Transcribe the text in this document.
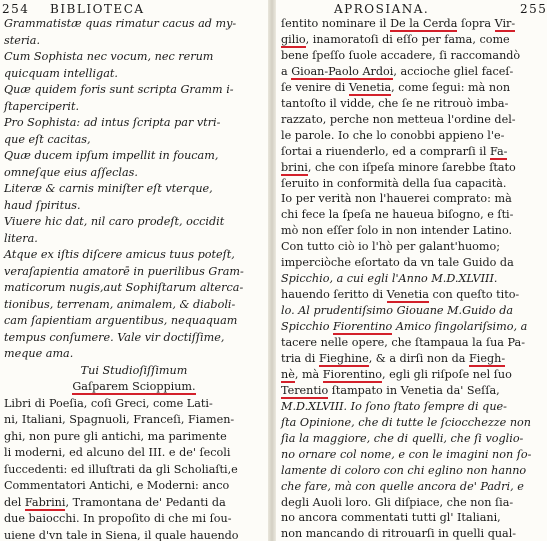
254 BIBLIOTECA
Grammatistæ quas rimatur cacus ad my-
steria.
Cum Sophista nec vocum, nec rerum
quicquam intelligat.
Quæ quidem foris sunt scripta Gramm i-
ſtaperciperit.
Pro Sophista: ad intus ſcripta par vtri-
que eſt cacitas,
Quæ ducem ipſum impellit in foucam,
omneſque eius aſſeclas.
Literæ & carnis miniſter eſt vterque,
haud ſpiritus.
Viuere hic dat, nil caro prodeſt, occidit
litera.
Atque ex iſtis diſcere amicus tuus poteſt,
veraſapientia amatorē in puerilibus Gram-
maticorum nugis,aut Sophiſtarum alterca-
tionibus, terrenam, animalem, & diaboli-
cam ſapientiam arguentibus, nequaquam
tempus conſumere. Vale vir doctiſſime,
meque ama.
Tui Studioſiſſimum
Gaſparem Scioppium.
Libri di Poeſia, coſi Greci, come Lati-
ni, Italiani, Spagnuoli, Franceſi, Fiamen-
ghi, non pure gli antichi, ma parimente
li moderni, ed alcuno del III. e de' ſecoli
ſuccedenti: ed illuſtrati da gli Scholiaſti,e
Commentatori Antichi, e Moderni: anco
del Fabrini, Tramontana de' Pedanti da
due baiocchi. In propoſito di che mi ſou-
uiene d'vn tale in Siena, il quale hauendo
APROSIANA.	255
ſentito nominare il De la Cerda ſopra Vir-
gilio, inamoratoſi di eſſo per fama, come
bene ſpeſſo ſuole accadere, ſi raccomandò
a Gioan-Paolo Ardoi, accioche gliel faceſ-
ſe venire di Venetia, come ſegui: mà non
tantoſto il vidde, che ſe ne ritrouò imba-
razzato, perche non metteua l'ordine del-
le parole. Io che lo conobbi appieno l'e-
ſortai a riuenderlo, ed a comprarſi il Fa-
brini, che con iſpeſa minore ſarebbe ſtato
ſeruito in conformità della ſua capacità.
Io per verità non l'hauerei comprato: mà
chi fece la ſpeſa ne haueua biſogno, e ſti-
mò non eſſer ſolo in non intender Latino.
Con tutto ciò io l'hò per galant'huomo;
imperciòche eſortato da vn tale Guido da
Spicchio, a cui egli l'Anno M.D.XLVIII.
hauendo ſeritto di Venetia con queſto tito-
lo. Al prudentiſsimo Giouane M.Guido da
Spicchio Fiorentino Amico ſingolariſsimo, a
tacere nelle opere, che ſtampaua la ſua Pa-
tria di Fieghine, & a dirſi non da Fiegh-
nè, mà Fiorentino, egli gli riſpoſe nel ſuo
Terentio ſtampato in Venetia da' Seſſa,
M.D.XLVIII. Io ſono ſtato ſempre di que-
ſta Opinione, che di tutte le ſciocchezze non
ſia la maggiore, che di quelli, che ſi voglio-
no ornare col nome, e con le imagini non ſo-
lamente di coloro con chi eglino non hanno
che fare, mà con quelle ancora de' Padri, e
degli Auoli loro. Gli diſpiace, che non ſia-
no ancora commentati tutti gl' Italiani,
non mancando di ritrouarſi in quelli qual-
